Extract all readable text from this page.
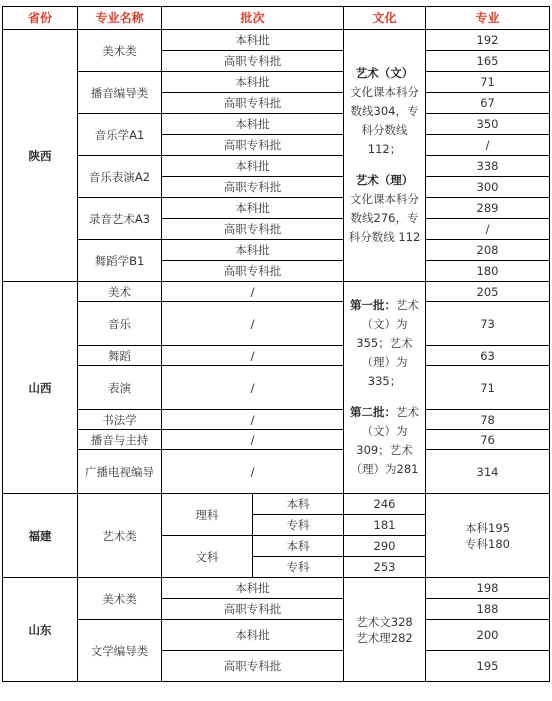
省份	专业名称	批次		文化	专业
陕西	美术类	本科批		艺术（文）
文化课本科分数线304，专科分数线 112；
艺术（理）
文化课本科分数线276，专科分数线 112	192
		高职专科批			165
	播音编导类	本科批			71
		高职专科批			67
	音乐学A1	本科批			350
		高职专科批			/
	音乐表演A2	本科批			338
		高职专科批			300
	录音艺术A3	本科批			289
		高职专科批			/
	舞蹈学B1	本科批			208
		高职专科批			180
山西	美术	/		第一批：艺术（文）为355；艺术（理）为335；
第二批：艺术（文）为309；艺术（理）为281	205
	音乐	/			73
	舞蹈	/			63
	表演	/			71
	书法学	/			78
	播音与主持	/			76
	广播电视编导	/			314
福建	艺术类	理科	本科	246	本科195
专科180
			专科	181	
		文科	本科	290	
			专科	253	
山东	美术类	本科批		艺术文328
艺术理282	198
		高职专科批			188
	文学编导类	本科批			200
		高职专科批			195
